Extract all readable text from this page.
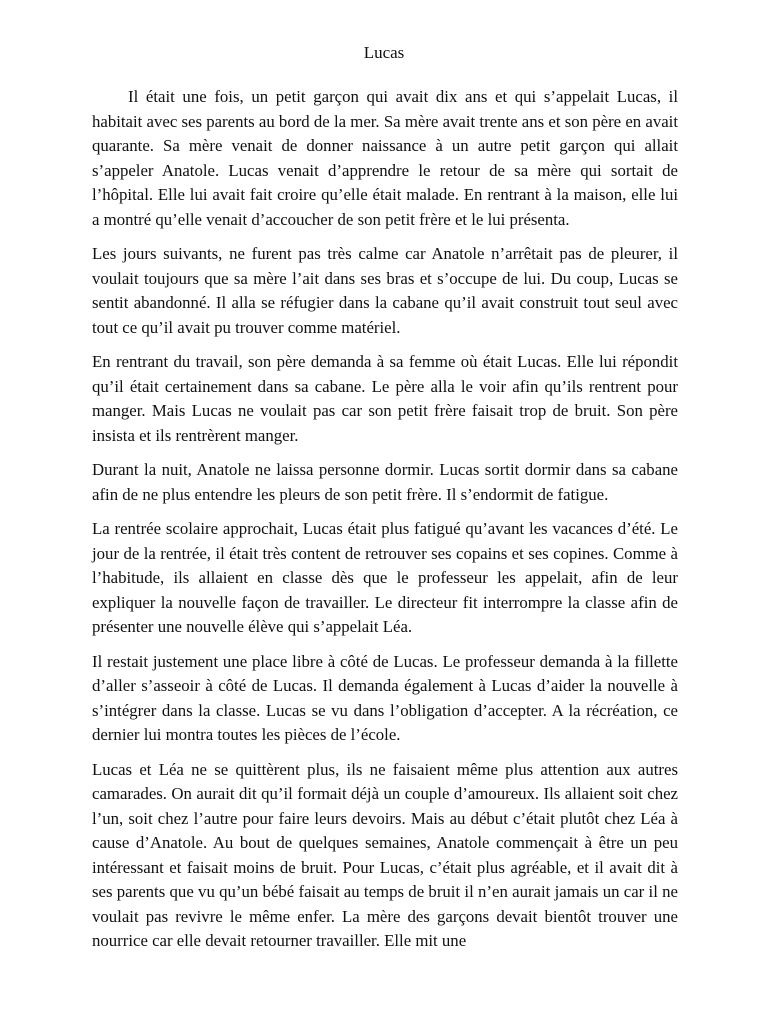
Lucas

Il était une fois, un petit garçon qui avait dix ans et qui s’appelait Lucas, il habitait avec ses parents au bord de la mer. Sa mère avait trente ans et son père en avait quarante. Sa mère venait de donner naissance à un autre petit garçon qui allait s’appeler Anatole. Lucas venait d’apprendre le retour de sa mère qui sortait de l’hôpital. Elle lui avait fait croire qu’elle était malade. En rentrant à la maison, elle lui a montré qu’elle venait d’accoucher de son petit frère et le lui présenta.

Les jours suivants, ne furent pas très calme car Anatole n’arrêtait pas de pleurer, il voulait toujours que sa mère l’ait dans ses bras et s’occupe de lui. Du coup, Lucas se sentit abandonné. Il alla se réfugier dans la cabane qu’il avait construit tout seul avec tout ce qu’il avait pu trouver comme matériel.

En rentrant du travail, son père demanda à sa femme où était Lucas. Elle lui répondit qu’il était certainement dans sa cabane. Le père alla le voir afin qu’ils rentrent pour manger. Mais Lucas ne voulait pas car son petit frère faisait trop de bruit. Son père insista et ils rentrèrent manger.

Durant la nuit, Anatole ne laissa personne dormir. Lucas sortit dormir dans sa cabane afin de ne plus entendre les pleurs de son petit frère. Il s’endormit de fatigue.

La rentrée scolaire approchait, Lucas était plus fatigué qu’avant les vacances d’été. Le jour de la rentrée, il était très content de retrouver ses copains et ses copines. Comme à l’habitude, ils allaient en classe dès que le professeur les appelait, afin de leur expliquer la nouvelle façon de travailler. Le directeur fit interrompre la classe afin de présenter une nouvelle élève qui s’appelait Léa.

Il restait justement une place libre à côté de Lucas. Le professeur demanda à la fillette d’aller s’asseoir à côté de Lucas. Il demanda également à Lucas d’aider la nouvelle à s’intégrer dans la classe. Lucas se vu dans l’obligation d’accepter. A la récréation, ce dernier lui montra toutes les pièces de l’école.

Lucas et Léa ne se quittèrent plus, ils ne faisaient même plus attention aux autres camarades. On aurait dit qu’il formait déjà un couple d’amoureux. Ils allaient soit chez l’un, soit chez l’autre pour faire leurs devoirs. Mais au début c’était plutôt chez Léa à cause d’Anatole. Au bout de quelques semaines, Anatole commençait à être un peu intéressant et faisait moins de bruit. Pour Lucas, c’était plus agréable, et il avait dit à ses parents que vu qu’un bébé faisait au temps de bruit il n’en aurait jamais un car il ne voulait pas revivre le même enfer. La mère des garçons devait bientôt trouver une nourrice car elle devait retourner travailler. Elle mit une
